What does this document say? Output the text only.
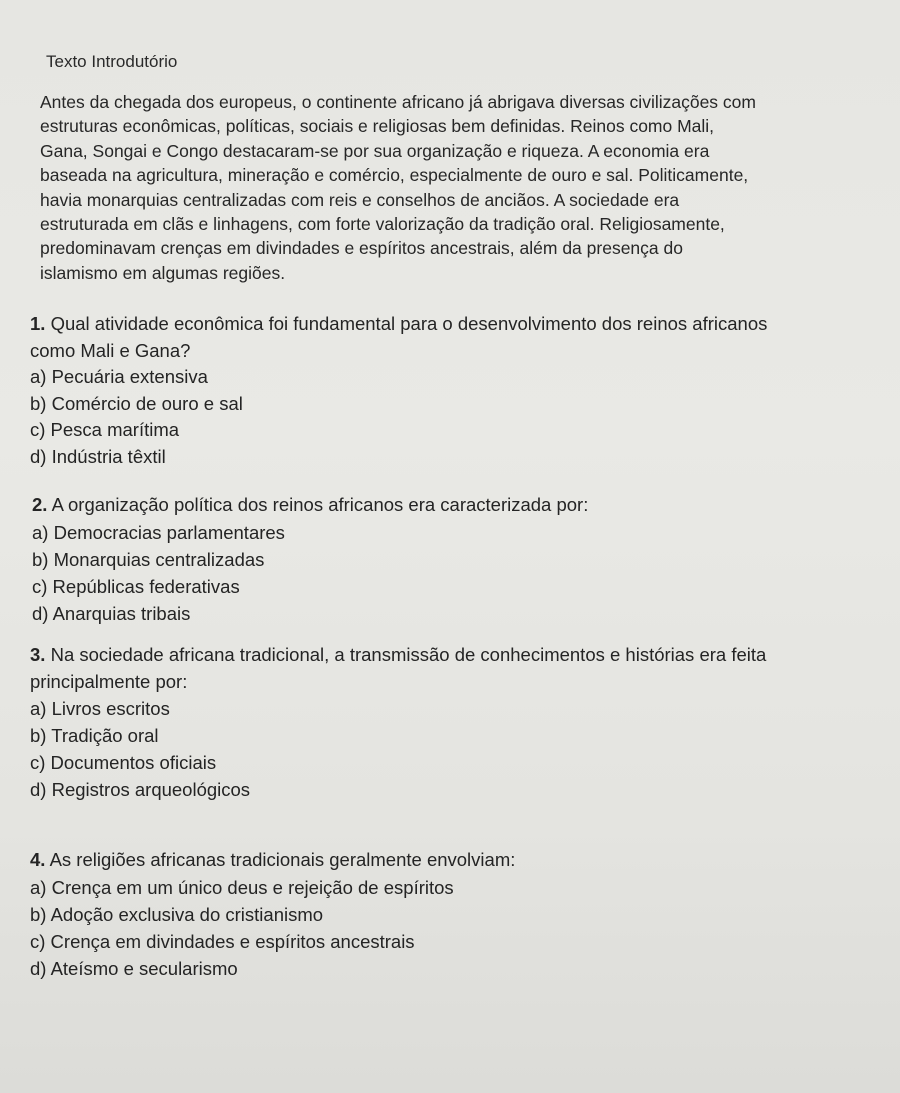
Texto Introdutório
Antes da chegada dos europeus, o continente africano já abrigava diversas civilizações com
estruturas econômicas, políticas, sociais e religiosas bem definidas. Reinos como Mali,
Gana, Songai e Congo destacaram-se por sua organização e riqueza. A economia era
baseada na agricultura, mineração e comércio, especialmente de ouro e sal. Politicamente,
havia monarquias centralizadas com reis e conselhos de anciãos. A sociedade era
estruturada em clãs e linhagens, com forte valorização da tradição oral. Religiosamente,
predominavam crenças em divindades e espíritos ancestrais, além da presença do
islamismo em algumas regiões.
1. Qual atividade econômica foi fundamental para o desenvolvimento dos reinos africanos
como Mali e Gana?
a) Pecuária extensiva
b) Comércio de ouro e sal
c) Pesca marítima
d) Indústria têxtil
2. A organização política dos reinos africanos era caracterizada por:
a) Democracias parlamentares
b) Monarquias centralizadas
c) Repúblicas federativas
d) Anarquias tribais
3. Na sociedade africana tradicional, a transmissão de conhecimentos e histórias era feita
principalmente por:
a) Livros escritos
b) Tradição oral
c) Documentos oficiais
d) Registros arqueológicos
4. As religiões africanas tradicionais geralmente envolviam:
a) Crença em um único deus e rejeição de espíritos
b) Adoção exclusiva do cristianismo
c) Crença em divindades e espíritos ancestrais
d) Ateísmo e secularismo
